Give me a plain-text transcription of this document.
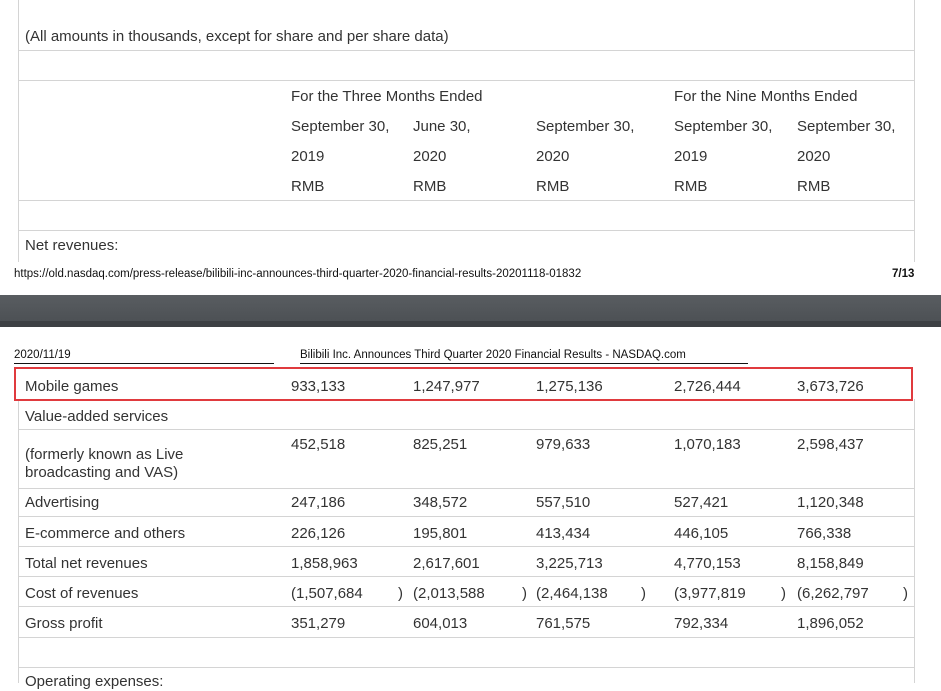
(All amounts in thousands, except for share and per share data)
For the Three Months Ended	For the Nine Months Ended
September 30, June 30,	September 30,	September 30, September 30,
2019	2020	2020	2019	2020
RMB	RMB	RMB	RMB	RMB
Net revenues:
https://old.nasdaq.com/press-release/bilibili-inc-announces-third-quarter-2020-financial-results-20201118-01832	7/13
2020/11/19	Bilibili Inc. Announces Third Quarter 2020 Financial Results - NASDAQ.com
Mobile games	933,133	1,247,977	1,275,136	2,726,444	3,673,726
Value-added services
(formerly known as Live
broadcasting and VAS)
452,518	825,251	979,633	1,070,183	2,598,437
Advertising	247,186	348,572	557,510	527,421	1,120,348
E-commerce and others	226,126	195,801	413,434	446,105	766,338
Total net revenues	1,858,963	2,617,601	3,225,713	4,770,153	8,158,849
Cost of revenues	(1,507,684 ) (2,013,588 ) (2,464,138 ) (3,977,819 ) (6,262,797 )
Gross profit	351,279	604,013	761,575	792,334	1,896,052
Operating expenses:
